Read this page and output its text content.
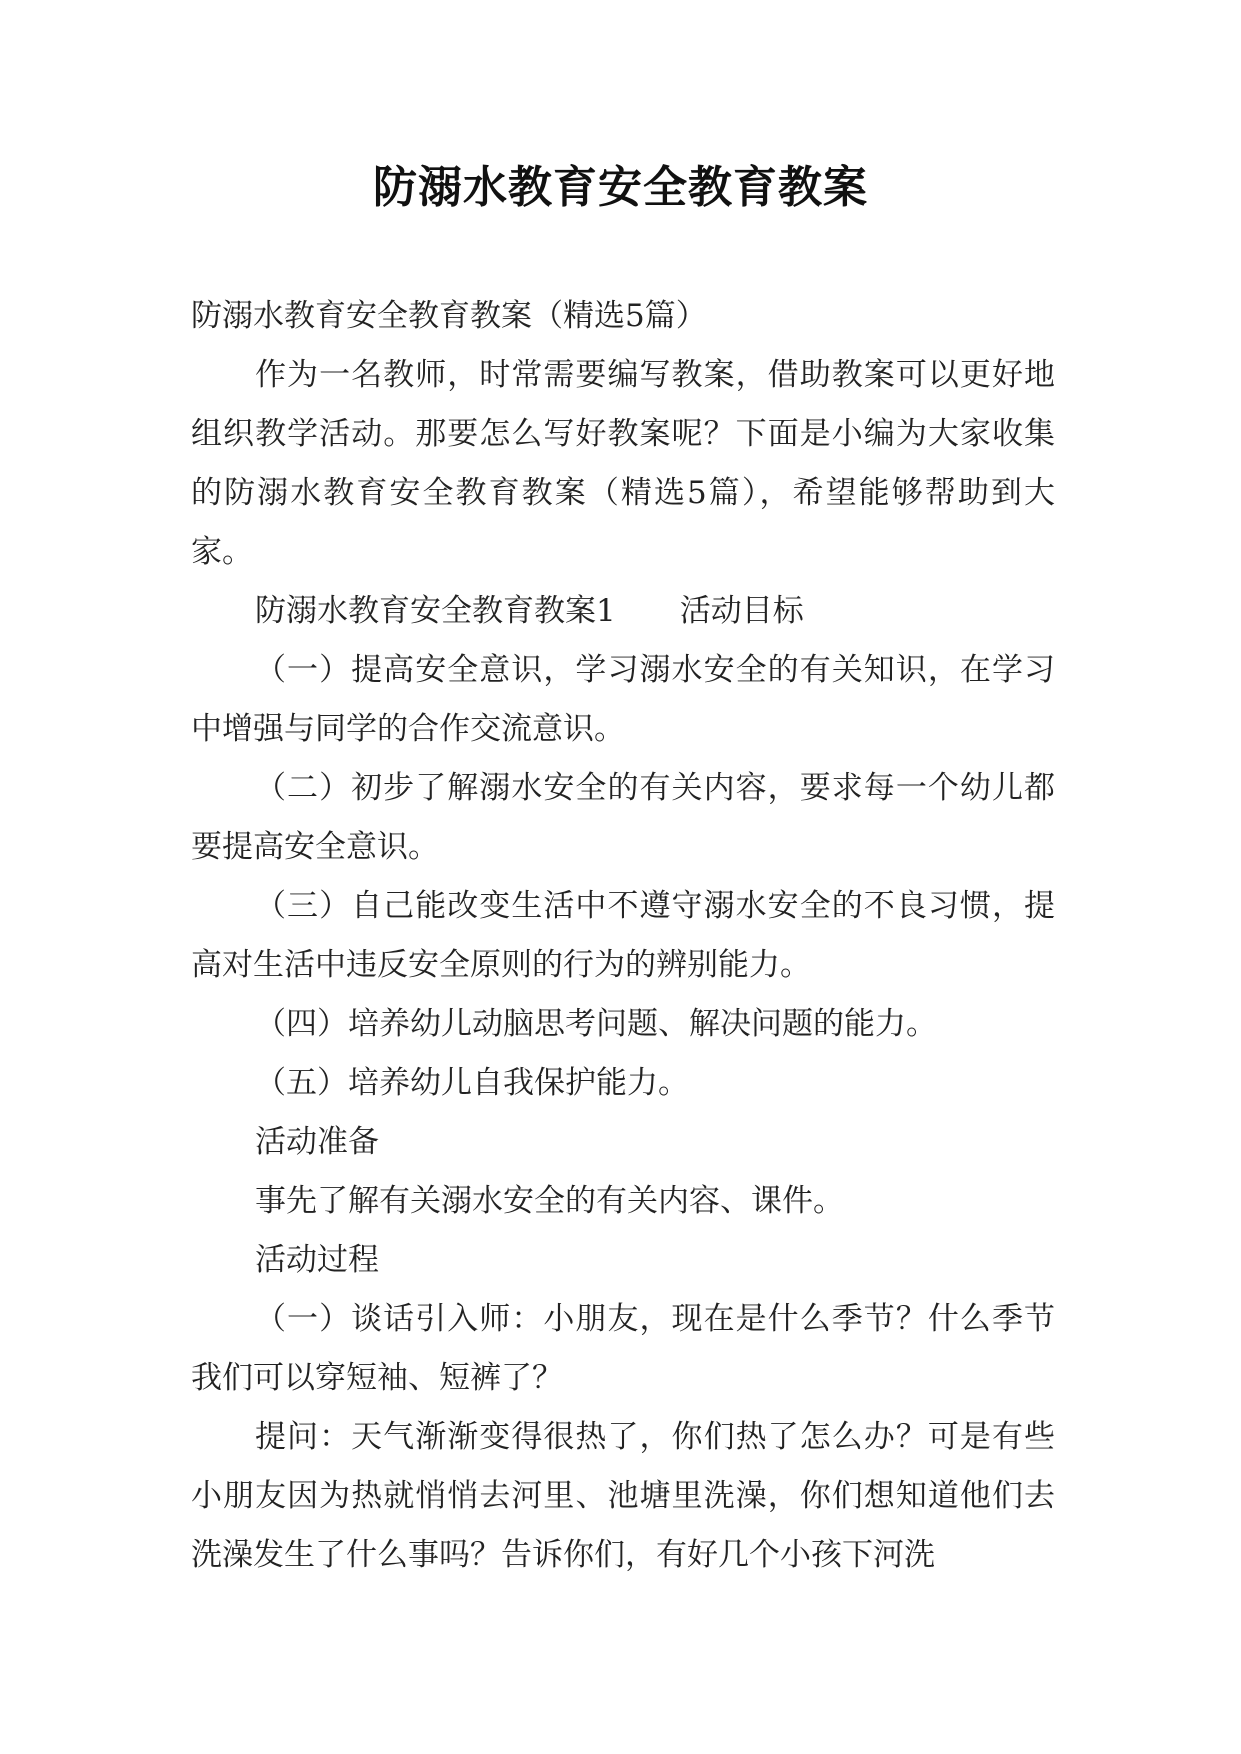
防溺水教育安全教育教案

防溺水教育安全教育教案（精选5篇）

作为一名教师，时常需要编写教案，借助教案可以更好地组织教学活动。那要怎么写好教案呢？下面是小编为大家收集的防溺水教育安全教育教案（精选5篇），希望能够帮助到大家。

防溺水教育安全教育教案1 活动目标

（一）提高安全意识，学习溺水安全的有关知识，在学习中增强与同学的合作交流意识。

（二）初步了解溺水安全的有关内容，要求每一个幼儿都要提高安全意识。

（三）自己能改变生活中不遵守溺水安全的不良习惯，提高对生活中违反安全原则的行为的辨别能力。

（四）培养幼儿动脑思考问题、解决问题的能力。

（五）培养幼儿自我保护能力。

活动准备

事先了解有关溺水安全的有关内容、课件。

活动过程

（一）谈话引入师：小朋友，现在是什么季节？什么季节我们可以穿短袖、短裤了？

提问：天气渐渐变得很热了，你们热了怎么办？可是有些小朋友因为热就悄悄去河里、池塘里洗澡，你们想知道他们去洗澡发生了什么事吗？告诉你们，有好几个小孩下河洗
